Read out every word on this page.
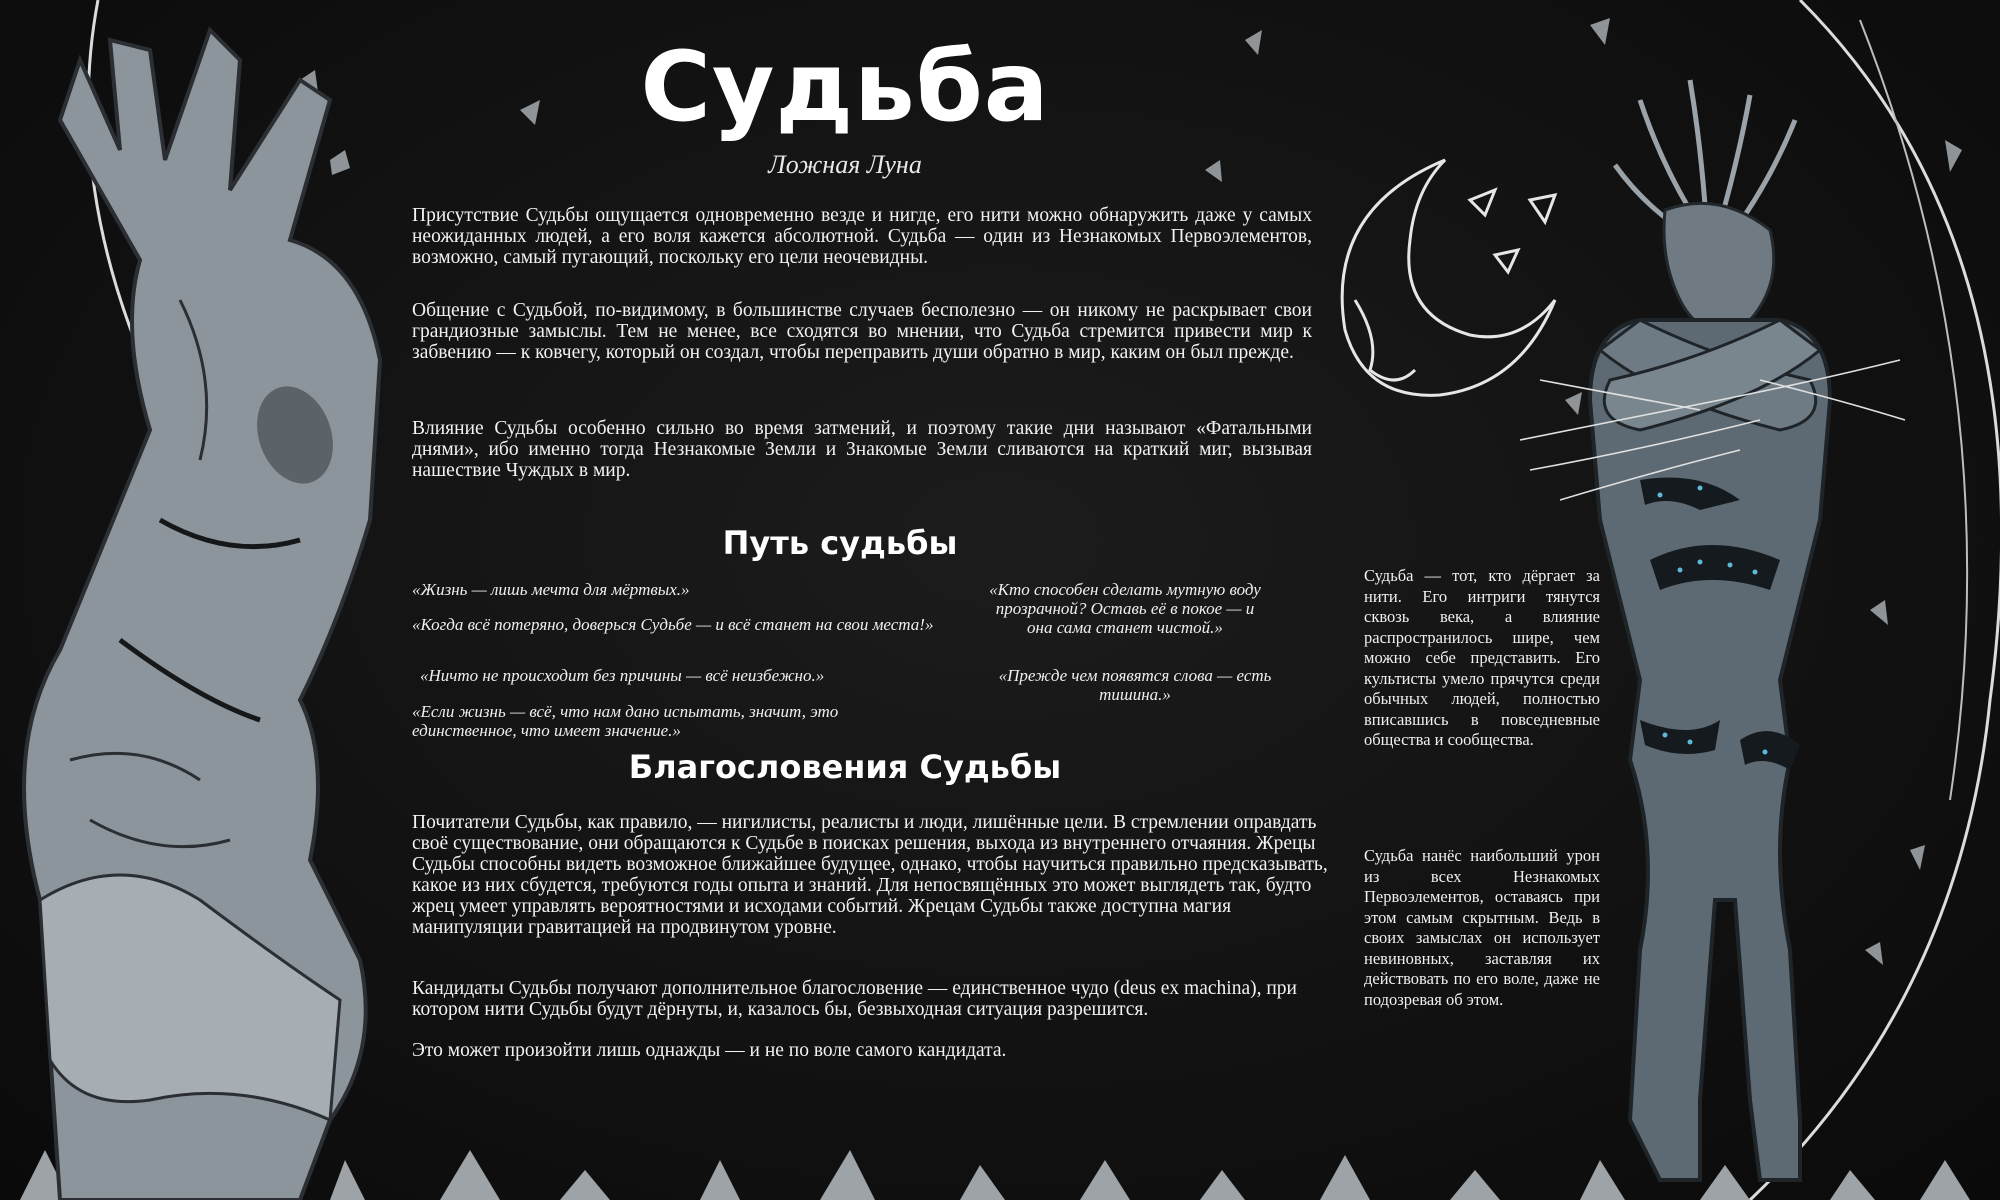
Судьба
Ложная Луна
Присутствие Судьбы ощущается одновременно везде и нигде, его нити можно обнаружить даже у самых неожиданных людей, а его воля кажется абсолютной. Судьба — один из Незнакомых Первоэлементов, возможно, самый пугающий, поскольку его цели неочевидны.
Общение с Судьбой, по-видимому, в большинстве случаев бесполезно — он никому не раскрывает свои грандиозные замыслы. Тем не менее, все сходятся во мнении, что Судьба стремится привести мир к забвению — к ковчегу, который он создал, чтобы переправить души обратно в мир, каким он был прежде.
Влияние Судьбы особенно сильно во время затмений, и поэтому такие дни называют «Фатальными днями», ибо именно тогда Незнакомые Земли и Знакомые Земли сливаются на краткий миг, вызывая нашествие Чуждых в мир.
Путь судьбы
«Жизнь — лишь мечта для мёртвых.»
«Когда всё потеряно, доверься Судьбе — и всё станет на свои места!»
«Ничто не происходит без причины — всё неизбежно.»
«Если жизнь — всё, что нам дано испытать, значит, это единственное, что имеет значение.»
«Кто способен сделать мутную воду прозрачной? Оставь её в покое — и она сама станет чистой.»
«Прежде чем появятся слова — есть тишина.»
Благословения Судьбы
Почитатели Судьбы, как правило, — нигилисты, реалисты и люди, лишённые цели. В стремлении оправдать своё существование, они обращаются к Судьбе в поисках решения, выхода из внутреннего отчаяния. Жрецы Судьбы способны видеть возможное ближайшее будущее, однако, чтобы научиться правильно предсказывать, какое из них сбудется, требуются годы опыта и знаний. Для непосвящённых это может выглядеть так, будто жрец умеет управлять вероятностями и исходами событий. Жрецам Судьбы также доступна магия манипуляции гравитацией на продвинутом уровне.
Кандидаты Судьбы получают дополнительное благословение — единственное чудо (deus ex machina), при котором нити Судьбы будут дёрнуты, и, казалось бы, безвыходная ситуация разрешится.
Это может произойти лишь однажды — и не по воле самого кандидата.
Судьба — тот, кто дёргает за нити. Его интриги тянутся сквозь века, а влияние распространилось шире, чем можно себе представить. Его культисты умело прячутся среди обычных людей, полностью вписавшись в повседневные общества и сообщества.
Судьба нанёс наибольший урон из всех Незнакомых Первоэлементов, оставаясь при этом самым скрытным. Ведь в своих замыслах он использует невиновных, заставляя их действовать по его воле, даже не подозревая об этом.
